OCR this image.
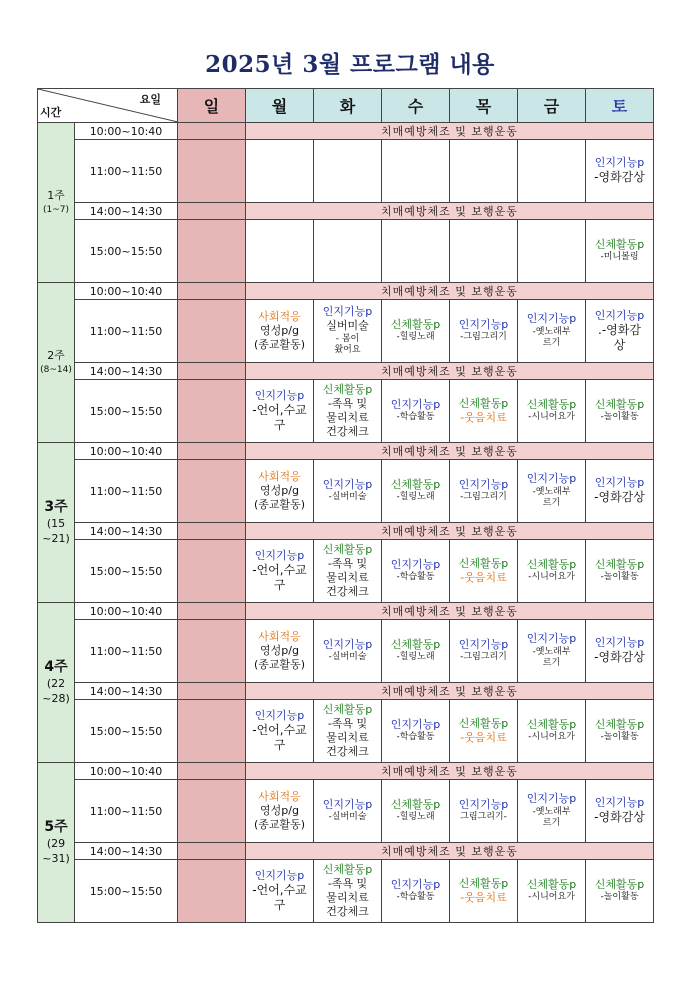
2025년 3월 프로그램 내용
요일
시간		일	월	화	수	목	금	토

1주
(1~7)	10:00~10:40		치매예방체조 및 보행운동					
	11:00~11:50							인지기능p
-영화감상

	14:00~14:30		치매예방체조 및 보행운동					
	15:00~15:50							신체활동p
-미니볼링

2주
(8~14)	10:00~10:40		치매예방체조 및 보행운동					
	11:00~11:50		사회적응
영성p/g
(종교활동)	인지기능p
실버미술
- 봄이
왔어요	신체활동p
-힐링노래	인지기능p
-그림그리기	인지기능p
-옛노래부
르기	인지기능p
.-영화감
상

	14:00~14:30		치매예방체조 및 보행운동					
	15:00~15:50		인지기능p
-언어,수교
구	신체활동p
-족욕 및
물리치료
건강체크	인지기능p
-학습활동	신체활동p
-웃음치료	신체활동p
-시니어요가	신체활동p
-놀이활동

3주
(15 ~21)	10:00~10:40		치매예방체조 및 보행운동					
	11:00~11:50		사회적응
영성p/g
(종교활동)	인지기능p
-실버미술	신체활동p
-힐링노래	인지기능p
-그림그리기	인지기능p
-옛노래부
르기	인지기능p
-영화감상

	14:00~14:30		치매예방체조 및 보행운동					
	15:00~15:50		인지기능p
-언어,수교
구	신체활동p
-족욕 및
물리치료
건강체크	인지기능p
-학습활동	신체활동p
-웃음치료	신체활동p
-시니어요가	신체활동p
-놀이활동

4주
(22 ~28)	10:00~10:40		치매예방체조 및 보행운동					
	11:00~11:50		사회적응
영성p/g
(종교활동)	인지기능p
-실버미술	신체활동p
-힐링노래	인지기능p
-그림그리기	인지기능p
-옛노래부
르기	인지기능p
-영화감상

	14:00~14:30		치매예방체조 및 보행운동					
	15:00~15:50		인지기능p
-언어,수교
구	신체활동p
-족욕 및
물리치료
건강체크	인지기능p
-학습활동	신체활동p
-웃음치료	신체활동p
-시니어요가	신체활동p
-놀이활동

5주
(29 ~31)	10:00~10:40		치매예방체조 및 보행운동					
	11:00~11:50		사회적응
영성p/g
(종교활동)	인지기능p
-실버미술	신체활동p
-힐링노래	인지기능p
그림그리기-	인지기능p
-옛노래부
르기	인지기능p
-영화감상

	14:00~14:30		치매예방체조 및 보행운동					
	15:00~15:50		인지기능p
-언어,수교
구	신체활동p
-족욕 및
물리치료
건강체크	인지기능p
-학습활동	신체활동p
-웃음치료	신체활동p
-시니어요가	신체활동p
-놀이활동
